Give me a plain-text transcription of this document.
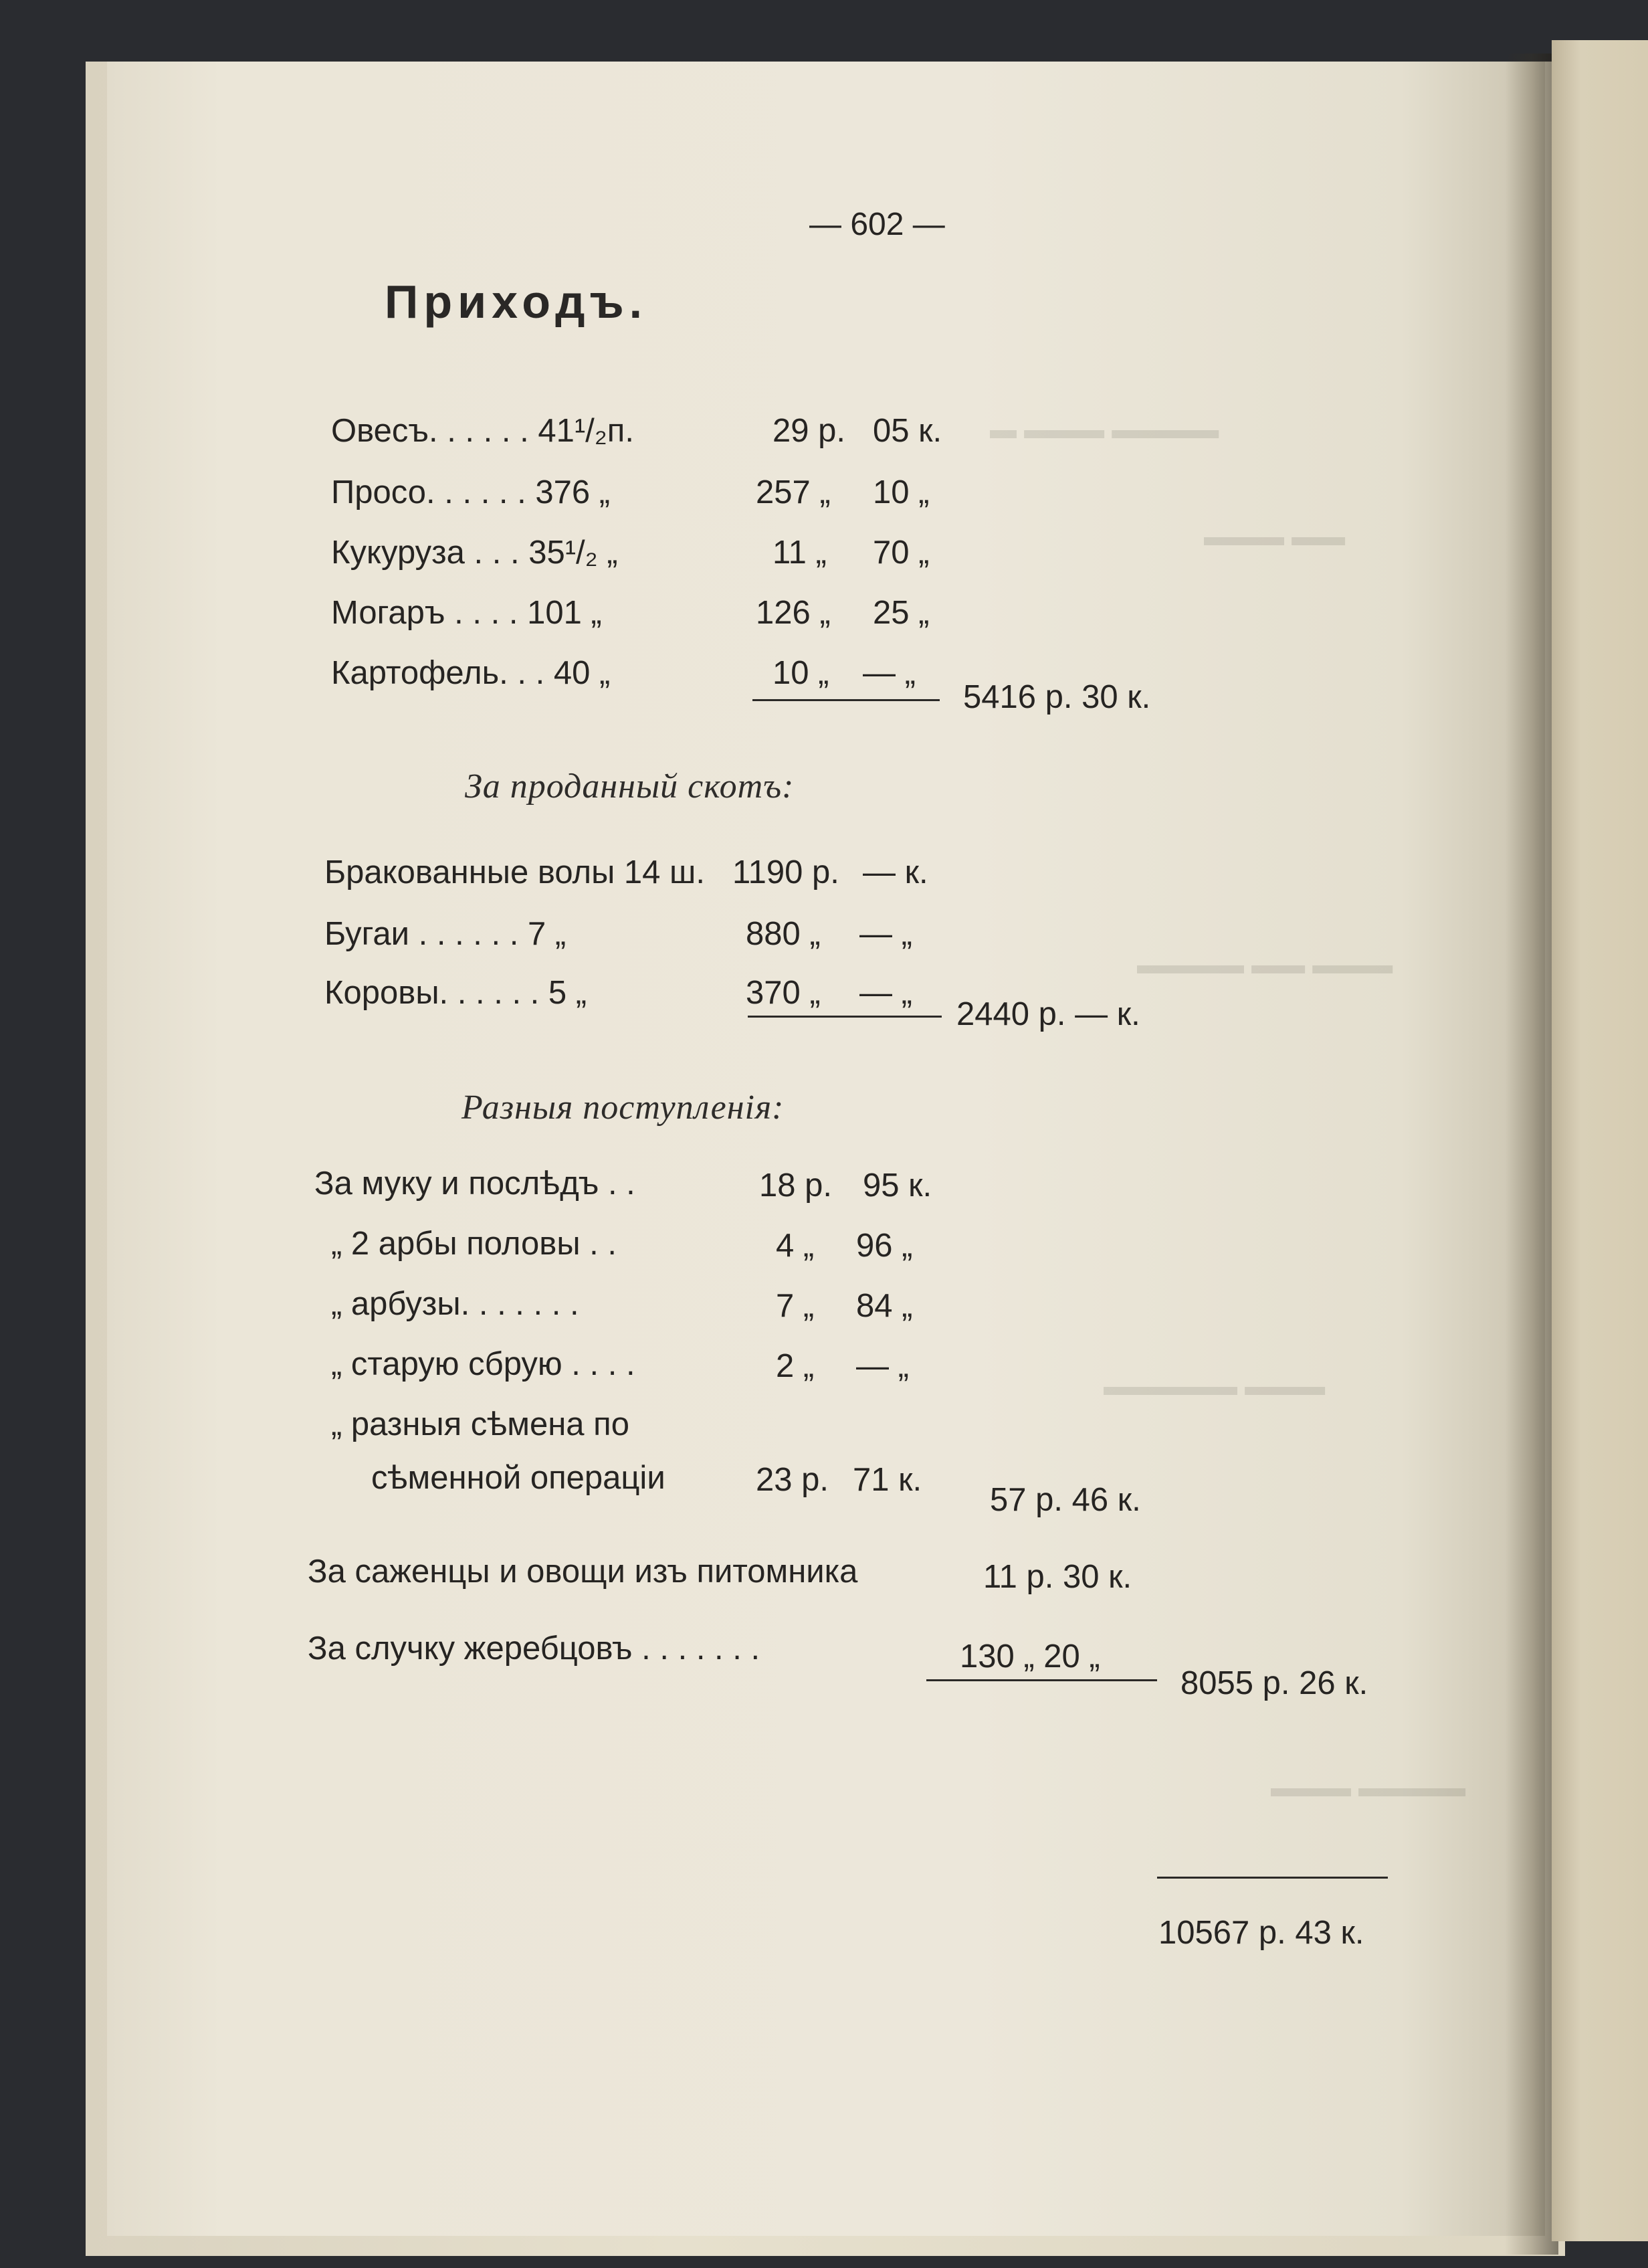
▬ ▬▬▬ ▬▬▬▬
▬▬▬ ▬▬
▬▬▬▬ ▬▬ ▬▬▬
▬▬▬▬▬ ▬▬▬
▬▬▬ ▬▬▬▬
— 602 —
Приходъ.
Овесъ. . . . . . 41¹/₂п.	29 р. 05 к.
Просо. . . . . . 376 „	257 „ 10 „
Кукуруза . . . 35¹/₂ „	11 „ 70 „
Могаръ . . . . 101 „	126 „ 25 „
Картофель. . . 40 „	10 „ — „
5416 р. 30 к.
За проданный скотъ:
Бракованные волы 14 ш. 1190 р. — к.
Бугаи . . . . . . 7 „	880 „ — „
Коровы. . . . . . 5 „	370 „ — „
2440 р. — к.
Разныя поступленія:
За муку и послѣдъ . .	18 р. 95 к.
„ 2 арбы половы . .	4 „ 96 „
„ арбузы. . . . . . .	7 „ 84 „
„ старую сбрую . . . .	2 „ — „
„ разныя сѣмена по
сѣменной операціи	23 р. 71 к.
57 р. 46 к.
За саженцы и овощи изъ питомника	11 р. 30 к.
За случку жеребцовъ . . . . . . .	130 „ 20 „
8055 р. 26 к.
10567 р. 43 к.
